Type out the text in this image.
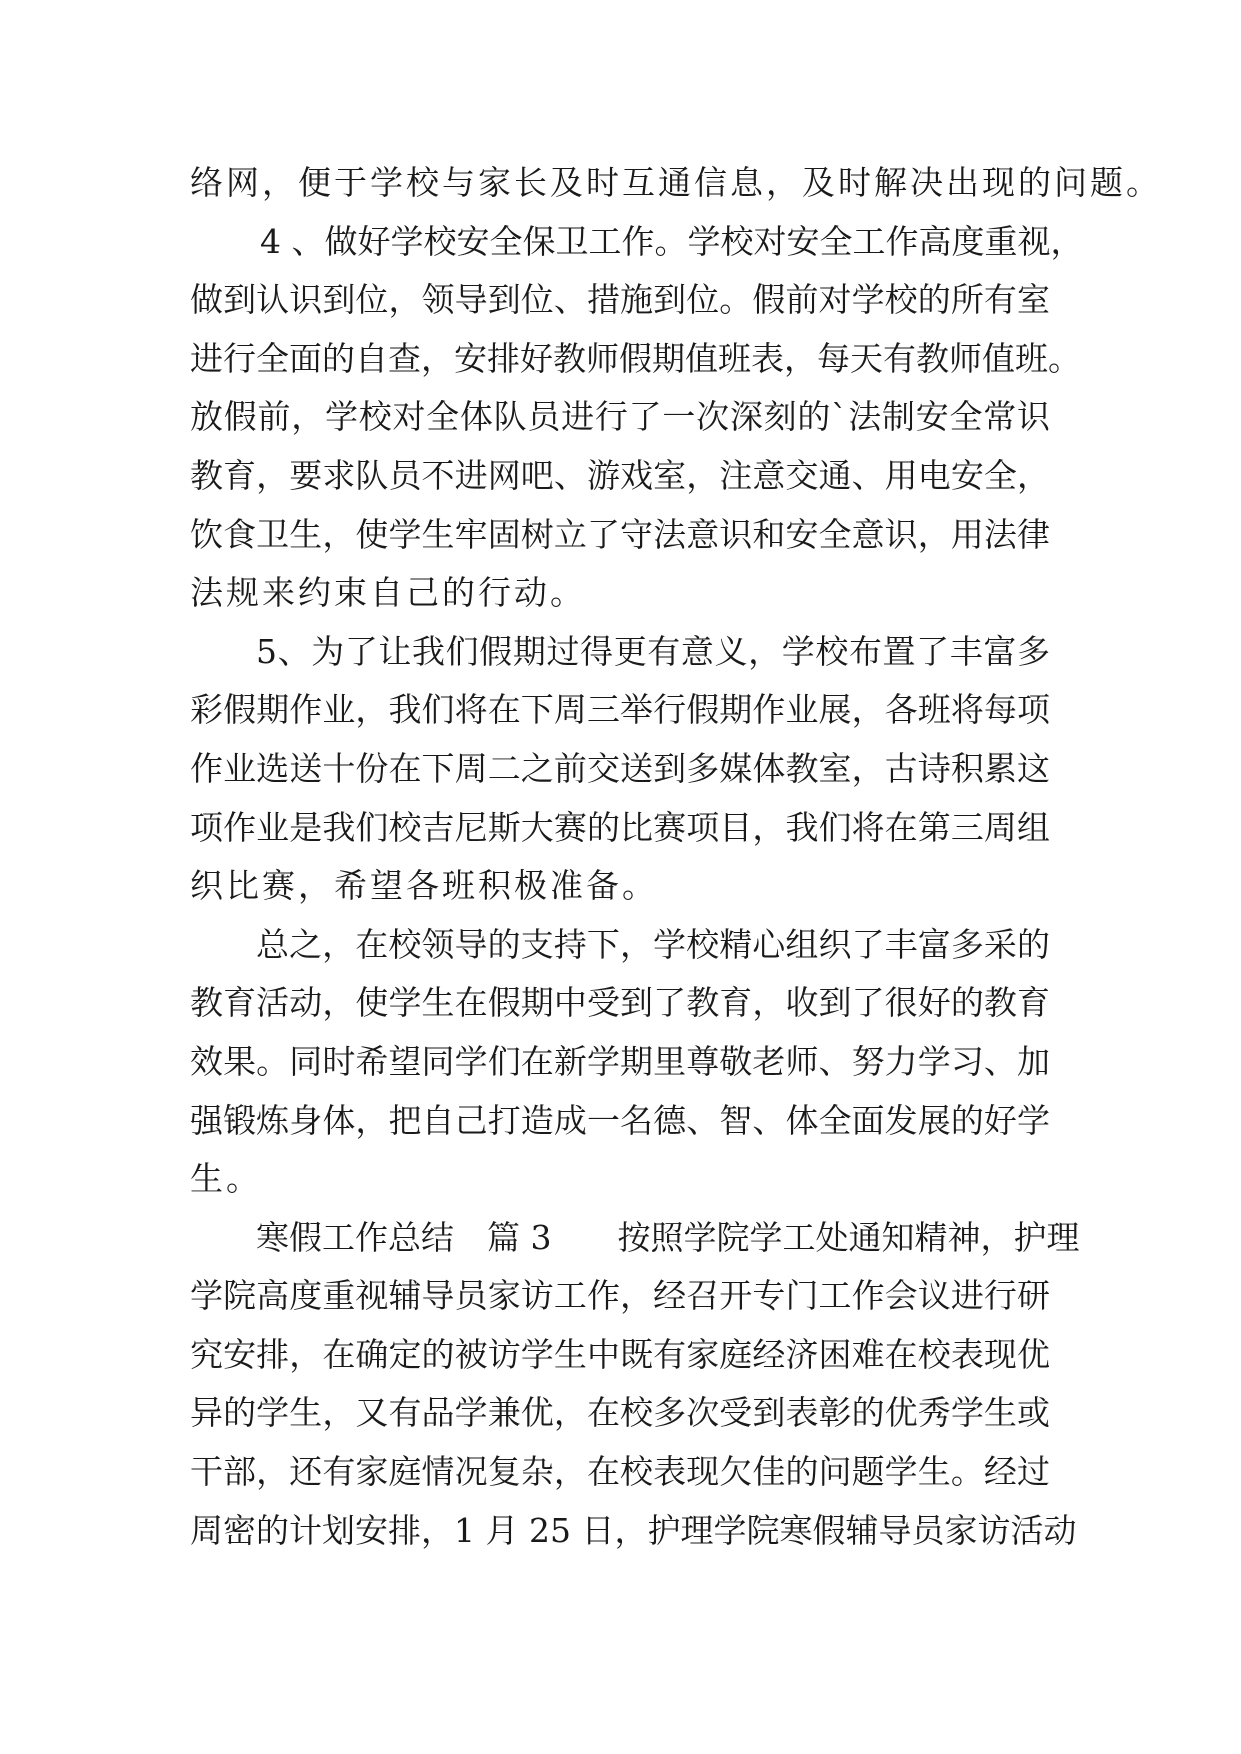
络网，便于学校与家长及时互通信息，及时解决出现的问题。
4 、做好学校安全保卫工作。学校对安全工作高度重视，
做到认识到位，领导到位、措施到位。假前对学校的所有室
进行全面的自查，安排好教师假期值班表，每天有教师值班。
放假前，学校对全体队员进行了一次深刻的`法制安全常识
教育，要求队员不进网吧、游戏室，注意交通、用电安全，
饮食卫生，使学生牢固树立了守法意识和安全意识，用法律
法规来约束自己的行动。
5、为了让我们假期过得更有意义，学校布置了丰富多
彩假期作业，我们将在下周三举行假期作业展，各班将每项
作业选送十份在下周二之前交送到多媒体教室，古诗积累这
项作业是我们校吉尼斯大赛的比赛项目，我们将在第三周组
织比赛，希望各班积极准备。
总之，在校领导的支持下，学校精心组织了丰富多采的
教育活动，使学生在假期中受到了教育，收到了很好的教育
效果。同时希望同学们在新学期里尊敬老师、努力学习、加
强锻炼身体，把自己打造成一名德、智、体全面发展的好学
生。
寒假工作总结　篇 3　　按照学院学工处通知精神，护理
学院高度重视辅导员家访工作，经召开专门工作会议进行研
究安排，在确定的被访学生中既有家庭经济困难在校表现优
异的学生，又有品学兼优，在校多次受到表彰的优秀学生或
干部，还有家庭情况复杂，在校表现欠佳的问题学生。经过
周密的计划安排，1 月 25 日，护理学院寒假辅导员家访活动
